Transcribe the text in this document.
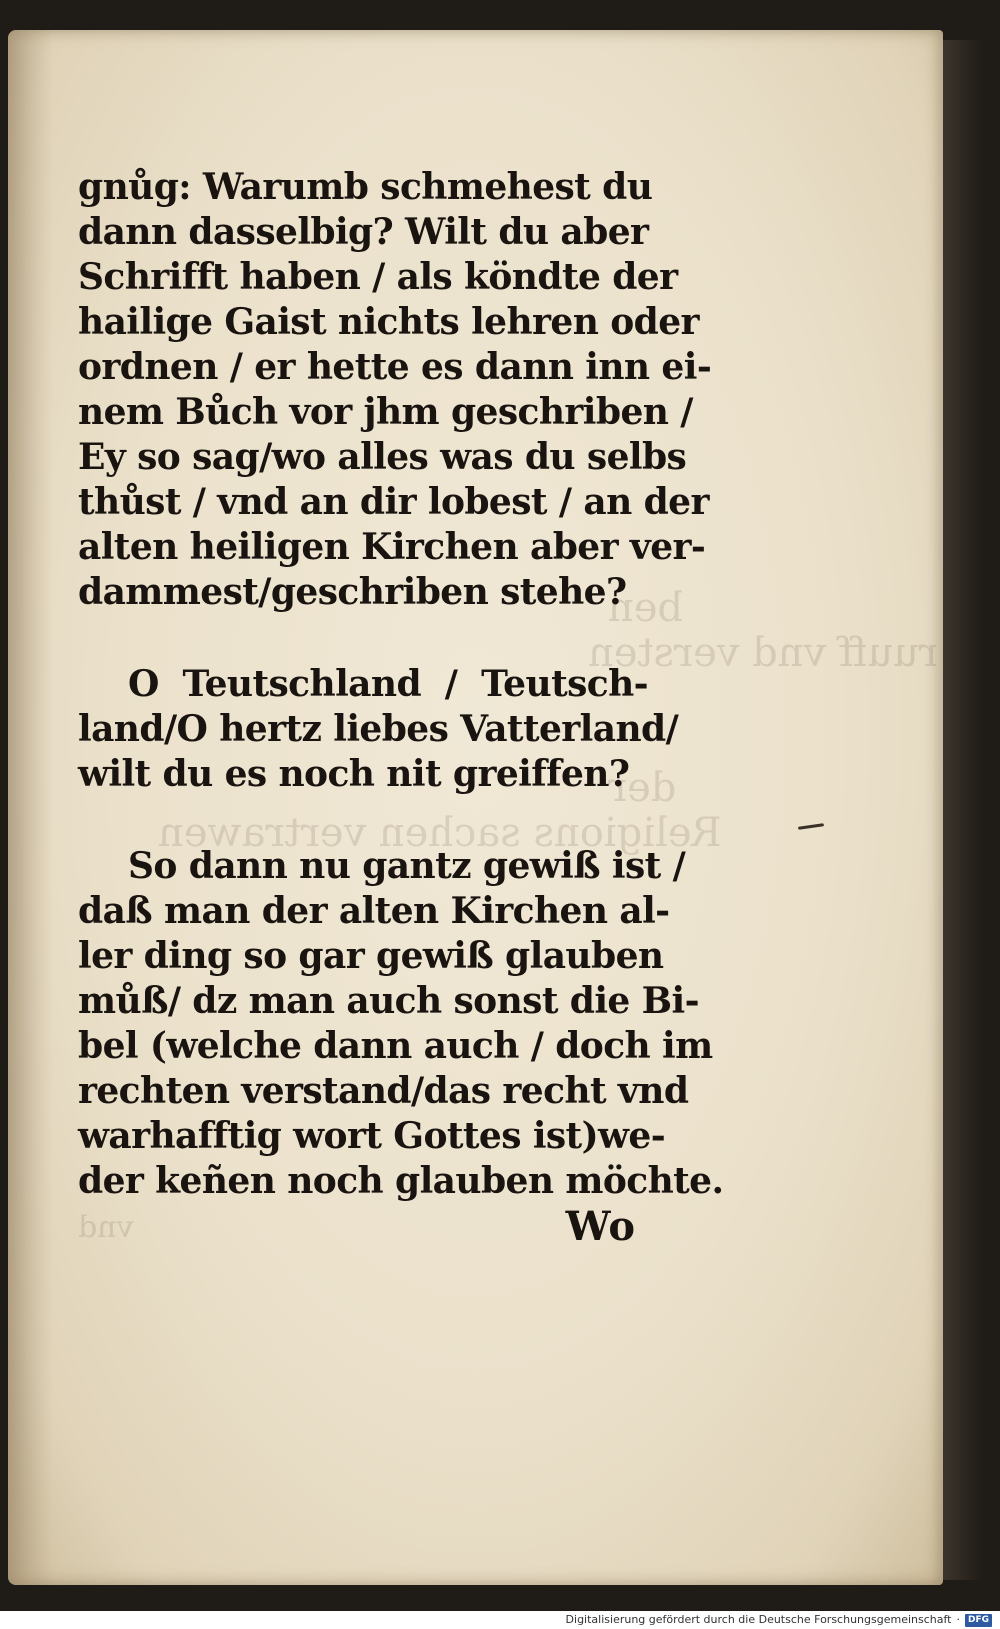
ben
ruuff vnd versten
der
Religions sachen vertrawen
vnd
gnůg: Warumb schmehest du
dann dasselbig? Wilt du aber
Schrifft haben / als köndte der
hailige Gaist nichts lehren oder
ordnen / er hette es dann inn ei-
nem Bůch vor jhm geschriben /
Ey so sag/wo alles was du selbs
thůst / vnd an dir lobest / an der
alten heiligen Kirchen aber ver-
dammest/geschriben stehe?
O Teutschland / Teutsch-
land/O hertz liebes Vatterland/
wilt du es noch nit greiffen?
So dann nu gantz gewiß ist /
daß man der alten Kirchen al-
ler ding so gar gewiß glauben
můß/ dz man auch sonst die Bi-
bel (welche dann auch / doch im
rechten verstand/das recht vnd
warhafftig wort Gottes ist)we-
der keñen noch glauben möchte.
Wo
Digitalisierung gefördert durch die Deutsche Forschungsgemeinschaft · DFG
